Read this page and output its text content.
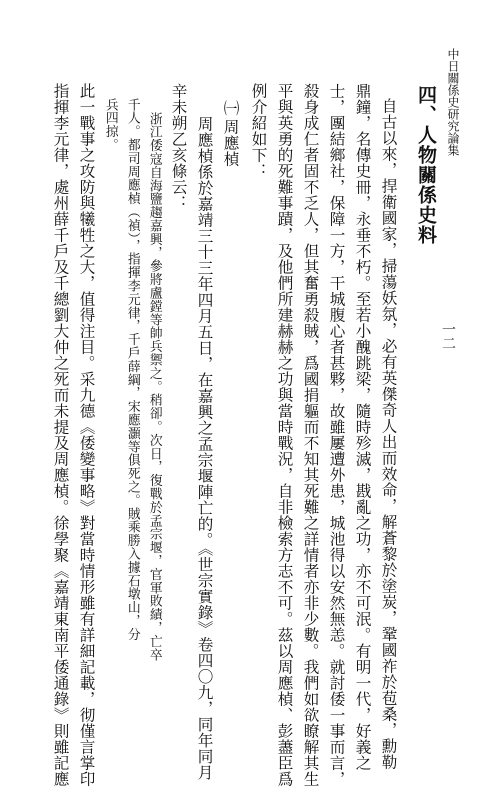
一二
中日關係史研究論集
四、人物關係史料
自古以來，捍衛國家，掃蕩妖氛，必有英傑奇人出而效命，解蒼黎於塗炭，鞏國祚於苞桑，勳勒
鼎鐘，名傳史冊，永垂不朽。至若小醜跳梁，隨時殄滅，戡亂之功，亦不可泯。有明一代，好義之
士，團結鄉社，保障一方，干城腹心者甚夥，故雖屢遭外患，城池得以安然無恙。就討倭一事而言，
殺身成仁者固不乏人，但其奮勇殺賊，爲國捐軀而不知其死難之詳情者亦非少數。我們如欲瞭解其生
平與英勇的死難事蹟，及他們所建赫赫之功與當時戰況，自非檢索方志不可。茲以周應楨、彭藎臣爲
例介紹如下：
㈠周應楨
周應楨係於嘉靖三十三年四月五日，在嘉興之孟宗堰陣亡的。《世宗實錄》卷四〇九，同年同月
辛未朔乙亥條云：
浙江倭寇自海鹽趨嘉興，參將盧鏜等帥兵禦之。稍卻。次日，復戰於孟宗堰，官軍敗績，亡卒
千人。都司周應楨（禎），指揮李元律，千戶薛綱，宋應灝等俱死之。賊乘勝入據石墩山，分
兵四掠。
此一戰事之攻防與犧牲之大，值得注目。采九德《倭變事略》對當時情形雖有詳細記載，彻僅言掌印
指揮李元律，處州薛千戶及千總劉大仲之死而未提及周應楨。徐學聚《嘉靖東南平倭通錄》則雖記應
